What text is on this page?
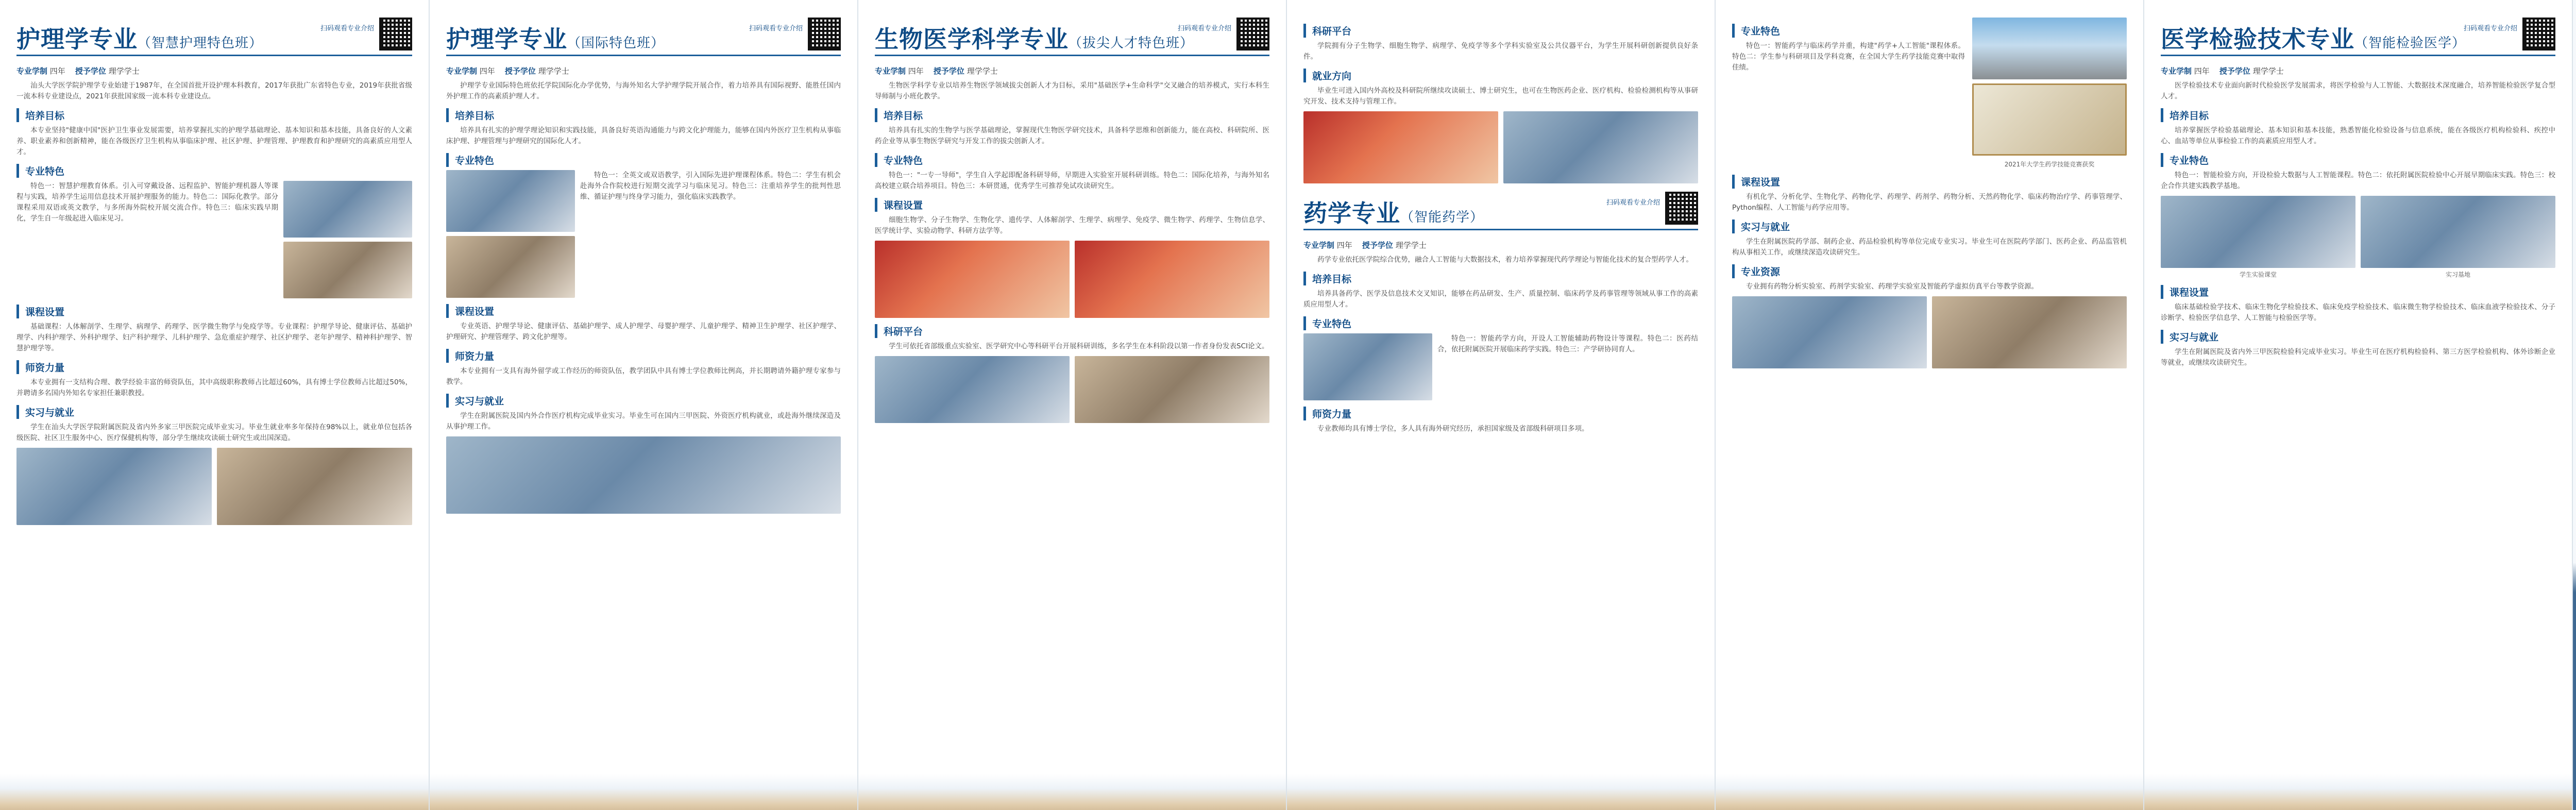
护理学专业（智慧护理特色班）
扫码观看专业介绍

专业学制 四年 授予学位 理学学士

汕头大学医学院护理学专业始建于1987年，在全国首批开设护理本科教育，2017年获批广东省特色专业，2019年获批省级一流本科专业建设点，2021年获批国家级一流本科专业建设点。

培养目标

本专业坚持"健康中国"医护卫生事业发展需要，培养掌握扎实的护理学基础理论、基本知识和基本技能，具备良好的人文素养、职业素养和创新精神，能在各级医疗卫生机构从事临床护理、社区护理、护理管理、护理教育和护理研究的高素质应用型人才。

专业特色

特色一：智慧护理教育体系。引入可穿戴设备、远程监护、智能护理机器人等课程与实践，培养学生运用信息技术开展护理服务的能力。特色二：国际化教学。部分课程采用双语或英文教学，与多所海外院校开展交流合作。特色三：临床实践早期化，学生自一年级起进入临床见习。

课程设置

基础课程：人体解剖学、生理学、病理学、药理学、医学微生物学与免疫学等。专业课程：护理学导论、健康评估、基础护理学、内科护理学、外科护理学、妇产科护理学、儿科护理学、急危重症护理学、社区护理学、老年护理学、精神科护理学、智慧护理学等。

师资力量

本专业拥有一支结构合理、教学经验丰富的师资队伍，其中高级职称教师占比超过60%，具有博士学位教师占比超过50%，并聘请多名国内外知名专家担任兼职教授。

实习与就业

学生在汕头大学医学院附属医院及省内外多家三甲医院完成毕业实习。毕业生就业率多年保持在98%以上，就业单位包括各级医院、社区卫生服务中心、医疗保健机构等，部分学生继续攻读硕士研究生或出国深造。

护理学专业（国际特色班）
扫码观看专业介绍

专业学制 四年 授予学位 理学学士

护理学专业国际特色班依托学院国际化办学优势，与海外知名大学护理学院开展合作，着力培养具有国际视野、能胜任国内外护理工作的高素质护理人才。

培养目标

培养具有扎实的护理学理论知识和实践技能，具备良好英语沟通能力与跨文化护理能力，能够在国内外医疗卫生机构从事临床护理、护理管理与护理研究的国际化人才。

专业特色

特色一：全英文或双语教学，引入国际先进护理课程体系。特色二：学生有机会赴海外合作院校进行短期交流学习与临床见习。特色三：注重培养学生的批判性思维、循证护理与终身学习能力，强化临床实践教学。

课程设置

专业英语、护理学导论、健康评估、基础护理学、成人护理学、母婴护理学、儿童护理学、精神卫生护理学、社区护理学、护理研究、护理管理学、跨文化护理等。

师资力量

本专业拥有一支具有海外留学或工作经历的师资队伍，教学团队中具有博士学位教师比例高，并长期聘请外籍护理专家参与教学。

实习与就业

学生在附属医院及国内外合作医疗机构完成毕业实习。毕业生可在国内三甲医院、外资医疗机构就业，或赴海外继续深造及从事护理工作。

生物医学科学专业（拔尖人才特色班）
扫码观看专业介绍

专业学制 四年 授予学位 理学学士

生物医学科学专业以培养生物医学领域拔尖创新人才为目标，采用"基础医学+生命科学"交叉融合的培养模式，实行本科生导师制与小班化教学。

培养目标

培养具有扎实的生物学与医学基础理论，掌握现代生物医学研究技术，具备科学思维和创新能力，能在高校、科研院所、医药企业等从事生物医学研究与开发工作的拔尖创新人才。

专业特色

特色一："一专一导师"，学生自入学起即配备科研导师，早期进入实验室开展科研训练。特色二：国际化培养，与海外知名高校建立联合培养项目。特色三：本研贯通，优秀学生可推荐免试攻读研究生。

课程设置

细胞生物学、分子生物学、生物化学、遗传学、人体解剖学、生理学、病理学、免疫学、微生物学、药理学、生物信息学、医学统计学、实验动物学、科研方法学等。

科研平台

学生可依托省部级重点实验室、医学研究中心等科研平台开展科研训练，多名学生在本科阶段以第一作者身份发表SCI论文。

科研平台

学院拥有分子生物学、细胞生物学、病理学、免疫学等多个学科实验室及公共仪器平台，为学生开展科研创新提供良好条件。

就业方向

毕业生可进入国内外高校及科研院所继续攻读硕士、博士研究生，也可在生物医药企业、医疗机构、检验检测机构等从事研究开发、技术支持与管理工作。

药学专业（智能药学）
扫码观看专业介绍

专业学制 四年 授予学位 理学学士

药学专业依托医学院综合优势，融合人工智能与大数据技术，着力培养掌握现代药学理论与智能化技术的复合型药学人才。

培养目标

培养具备药学、医学及信息技术交叉知识，能够在药品研发、生产、质量控制、临床药学及药事管理等领域从事工作的高素质应用型人才。

专业特色

特色一：智能药学方向，开设人工智能辅助药物设计等课程。特色二：医药结合，依托附属医院开展临床药学实践。特色三：产学研协同育人。

师资力量

专业教师均具有博士学位，多人具有海外研究经历，承担国家级及省部级科研项目多项。

专业特色

特色一：智能药学与临床药学并重，构建"药学+人工智能"课程体系。特色二：学生参与科研项目及学科竞赛，在全国大学生药学技能竞赛中取得佳绩。

2021年大学生药学技能竞赛获奖
课程设置

有机化学、分析化学、生物化学、药物化学、药理学、药剂学、药物分析、天然药物化学、临床药物治疗学、药事管理学、Python编程、人工智能与药学应用等。

实习与就业

学生在附属医院药学部、制药企业、药品检验机构等单位完成专业实习。毕业生可在医院药学部门、医药企业、药品监管机构从事相关工作，或继续深造攻读研究生。

专业资源

专业拥有药物分析实验室、药剂学实验室、药理学实验室及智能药学虚拟仿真平台等教学资源。

医学检验技术专业（智能检验医学）
扫码观看专业介绍

专业学制 四年 授予学位 理学学士

医学检验技术专业面向新时代检验医学发展需求，将医学检验与人工智能、大数据技术深度融合，培养智能检验医学复合型人才。

培养目标

培养掌握医学检验基础理论、基本知识和基本技能，熟悉智能化检验设备与信息系统，能在各级医疗机构检验科、疾控中心、血站等单位从事检验工作的高素质应用型人才。

专业特色

特色一：智能检验方向，开设检验大数据与人工智能课程。特色二：依托附属医院检验中心开展早期临床实践。特色三：校企合作共建实践教学基地。

学生实验课堂	实习基地
课程设置

临床基础检验学技术、临床生物化学检验技术、临床免疫学检验技术、临床微生物学检验技术、临床血液学检验技术、分子诊断学、检验医学信息学、人工智能与检验医学等。

实习与就业

学生在附属医院及省内外三甲医院检验科完成毕业实习。毕业生可在医疗机构检验科、第三方医学检验机构、体外诊断企业等就业，或继续攻读研究生。
